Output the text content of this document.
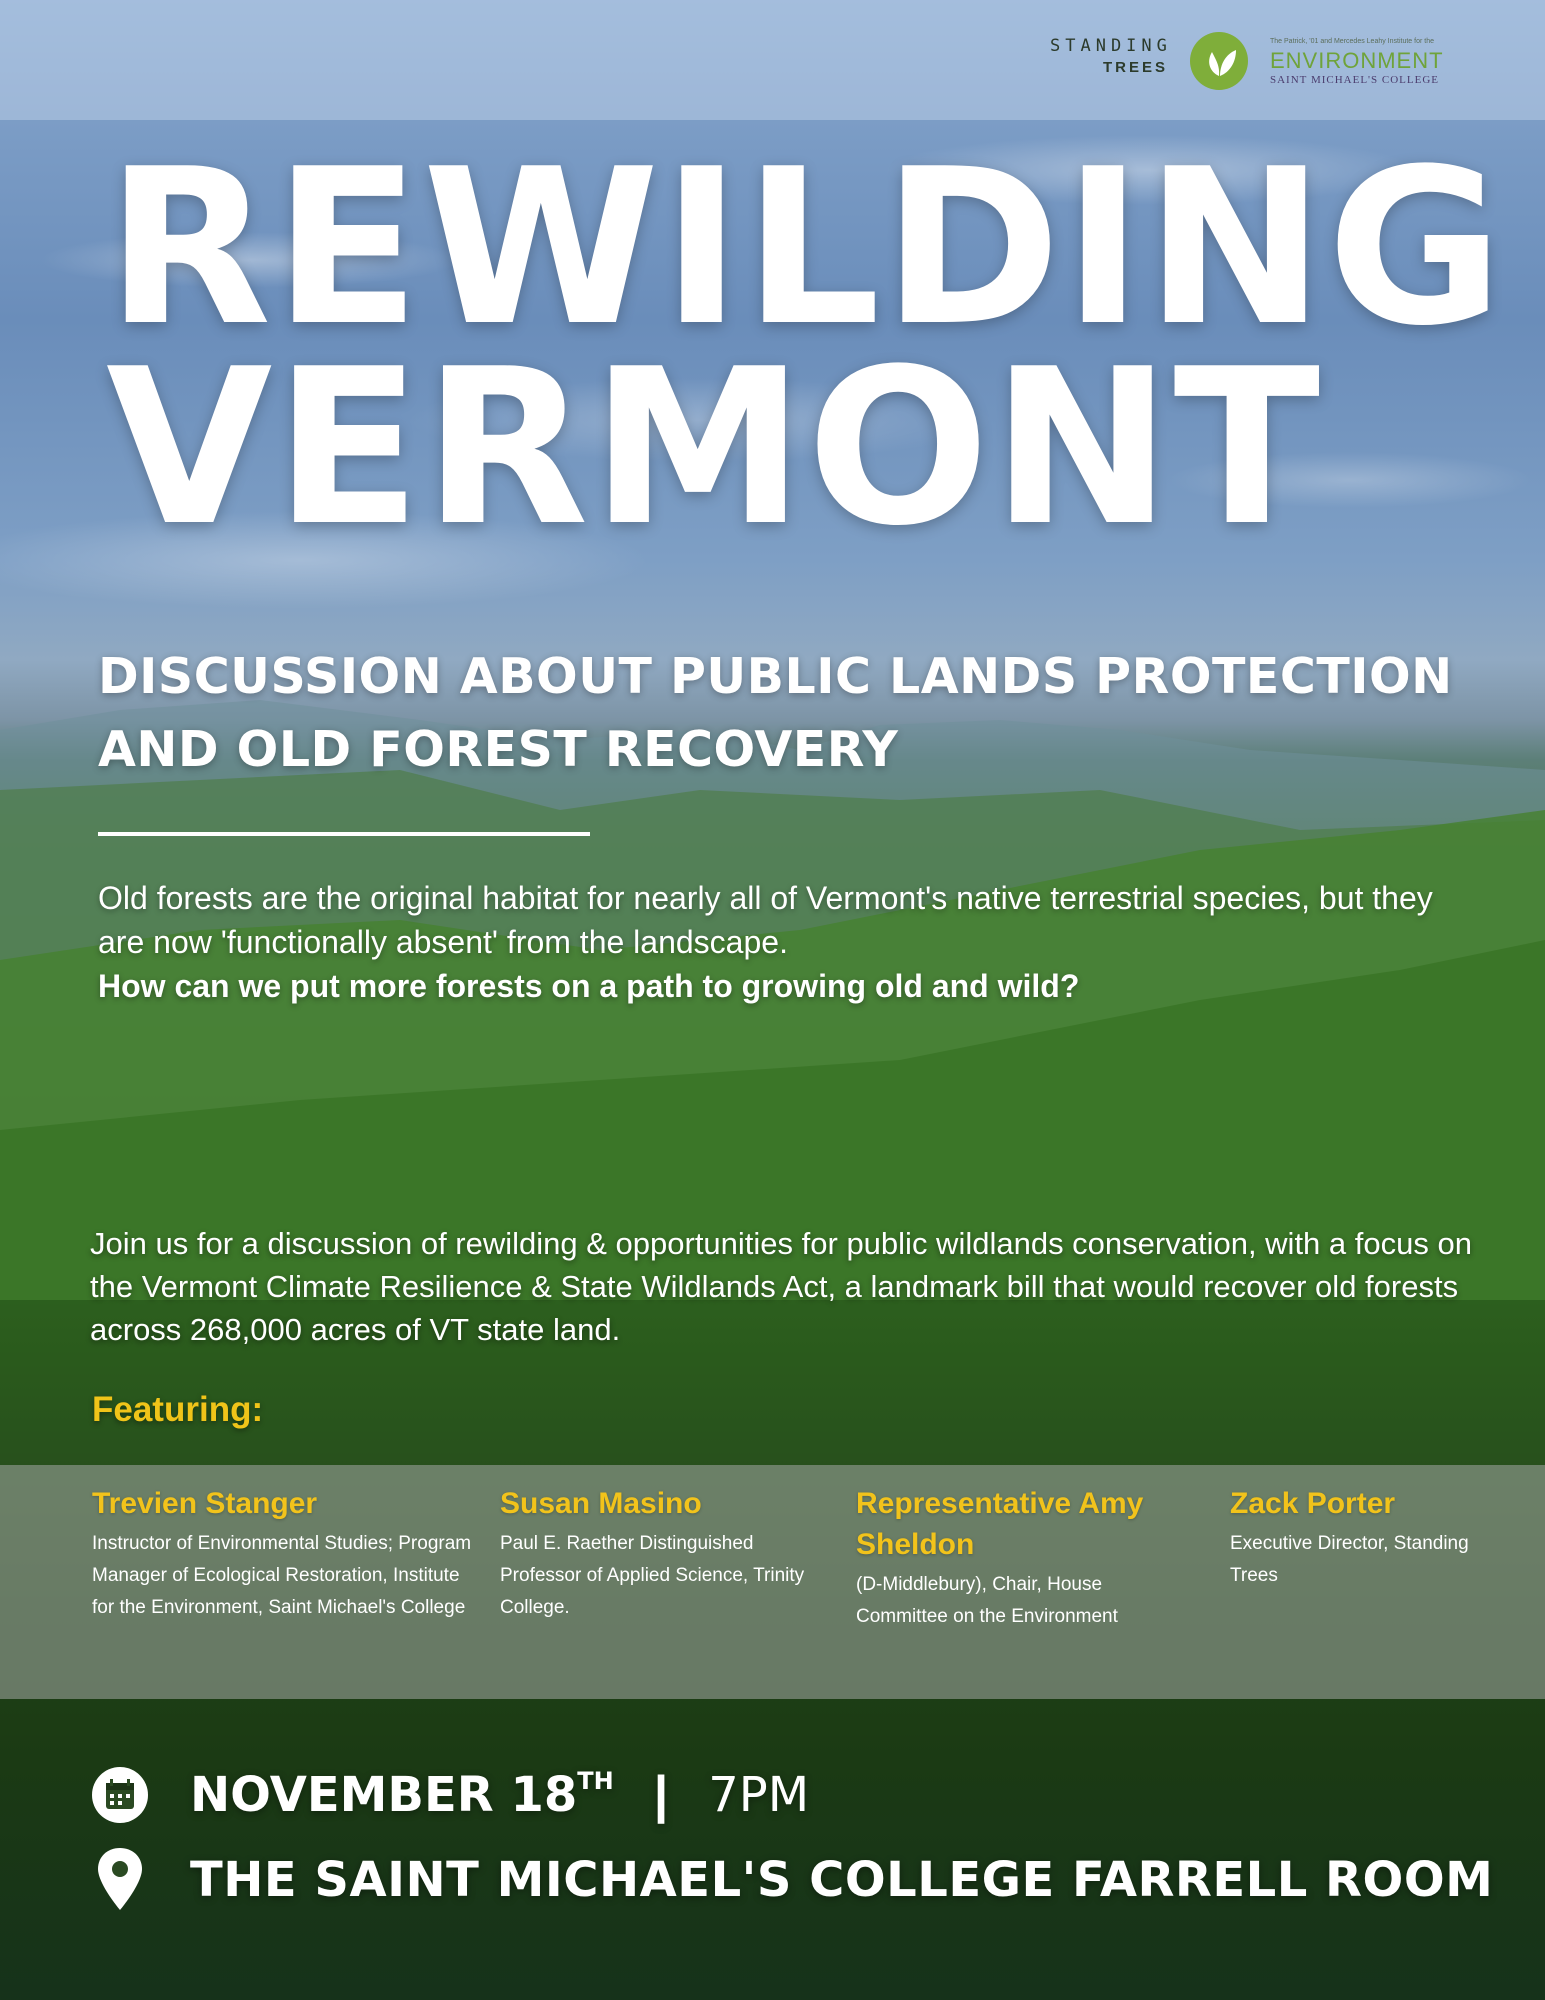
STANDING
TREES
The Patrick, '01 and Mercedes Leahy Institute for the
ENVIRONMENT
SAINT MICHAEL'S COLLEGE
REWILDING
VERMONT
DISCUSSION ABOUT PUBLIC LANDS PROTECTION
AND OLD FOREST RECOVERY
Old forests are the original habitat for nearly all of Vermont's native terrestrial species, but they are now 'functionally absent' from the landscape.
How can we put more forests on a path to growing old and wild?
Join us for a discussion of rewilding & opportunities for public wildlands conservation, with a focus on the Vermont Climate Resilience & State Wildlands Act, a landmark bill that would recover old forests across 268,000 acres of VT state land.
Featuring:
Trevien Stanger
Instructor of Environmental Studies; Program Manager of Ecological Restoration, Institute for the Environment, Saint Michael's College
Susan Masino
Paul E. Raether Distinguished Professor of Applied Science, Trinity College.
Representative Amy Sheldon
(D-Middlebury), Chair, House Committee on the Environment
Zack Porter
Executive Director, Standing Trees
NOVEMBER 18TH | 7PM
THE SAINT MICHAEL'S COLLEGE FARRELL ROOM
